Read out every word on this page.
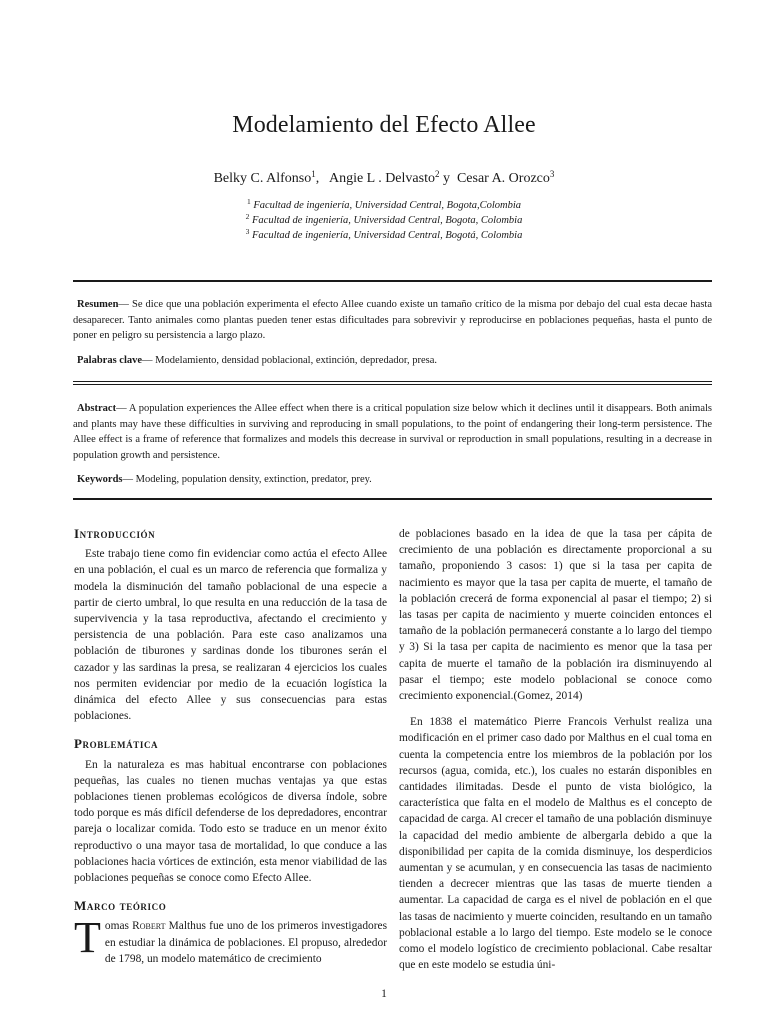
Modelamiento del Efecto Allee
Belky C. Alfonso$^1$, Angie L . Delvasto$^2$ y Cesar A. Orozco$^3$
$^1$ Facultad de ingeniería, Universidad Central, Bogota,Colombia
$^2$ Facultad de ingeniería, Universidad Central, Bogota, Colombia
$^3$ Facultad de ingeniería, Universidad Central, Bogotá, Colombia

Resumen— Se dice que una población experimenta el efecto Allee cuando existe un tamaño crítico de la misma por debajo del cual esta decae hasta desaparecer. Tanto animales como plantas pueden tener estas dificultades para sobrevivir y reproducirse en poblaciones pequeñas, hasta el punto de poner en peligro su persistencia a largo plazo.

Palabras clave— Modelamiento, densidad poblacional, extinción, depredador, presa.

Abstract— A population experiences the Allee effect when there is a critical population size below which it declines until it disappears. Both animals and plants may have these difficulties in surviving and reproducing in small populations, to the point of endangering their long-term persistence. The Allee effect is a frame of reference that formalizes and models this decrease in survival or reproduction in small populations, resulting in a decrease in population growth and persistence.

Keywords— Modeling, population density, extinction, predator, prey.

Introducción

Este trabajo tiene como fin evidenciar como actúa el efecto Allee en una población, el cual es un marco de referencia que formaliza y modela la disminución del tamaño poblacional de una especie a partir de cierto umbral, lo que resulta en una reducción de la tasa de supervivencia y la tasa reproductiva, afectando el crecimiento y persistencia de una población. Para este caso analizamos una población de tiburones y sardinas donde los tiburones serán el cazador y las sardinas la presa, se realizaran 4 ejercicios los cuales nos permiten evidenciar por medio de la ecuación logística la dinámica del efecto Allee y sus consecuencias para estas poblaciones.

Problemática

En la naturaleza es mas habitual encontrarse con poblaciones pequeñas, las cuales no tienen muchas ventajas ya que estas poblaciones tienen problemas ecológicos de diversa índole, sobre todo porque es más difícil defenderse de los depredadores, encontrar pareja o localizar comida. Todo esto se traduce en un menor éxito reproductivo o una mayor tasa de mortalidad, lo que conduce a las poblaciones hacia vórtices de extinción, esta menor viabilidad de las poblaciones pequeñas se conoce como Efecto Allee.

Marco teórico

Tomas Robert Malthus fue uno de los primeros investigadores en estudiar la dinámica de poblaciones. El propuso, alrededor de 1798, un modelo matemático de crecimiento

de poblaciones basado en la idea de que la tasa per cápita de crecimiento de una población es directamente proporcional a su tamaño, proponiendo 3 casos: 1) que si la tasa per capita de nacimiento es mayor que la tasa per capita de muerte, el tamaño de la población crecerá de forma exponencial al pasar el tiempo; 2) si las tasas per capita de nacimiento y muerte coinciden entonces el tamaño de la población permanecerá constante a lo largo del tiempo y 3) Si la tasa per capita de nacimiento es menor que la tasa per capita de muerte el tamaño de la población ira disminuyendo al pasar el tiempo; este modelo poblacional se conoce como crecimiento exponencial.(Gomez, 2014)

En 1838 el matemático Pierre Francois Verhulst realiza una modificación en el primer caso dado por Malthus en el cual toma en cuenta la competencia entre los miembros de la población por los recursos (agua, comida, etc.), los cuales no estarán disponibles en cantidades ilimitadas. Desde el punto de vista biológico, la característica que falta en el modelo de Malthus es el concepto de capacidad de carga. Al crecer el tamaño de una población disminuye la capacidad del medio ambiente de albergarla debido a que la disponibilidad per capita de la comida disminuye, los desperdicios aumentan y se acumulan, y en consecuencia las tasas de nacimiento tienden a decrecer mientras que las tasas de muerte tienden a aumentar. La capacidad de carga es el nivel de población en el que las tasas de nacimiento y muerte coinciden, resultando en un tamaño poblacional estable a lo largo del tiempo. Este modelo se le conoce como el modelo logístico de crecimiento poblacional. Cabe resaltar que en este modelo se estudia úni-

1
